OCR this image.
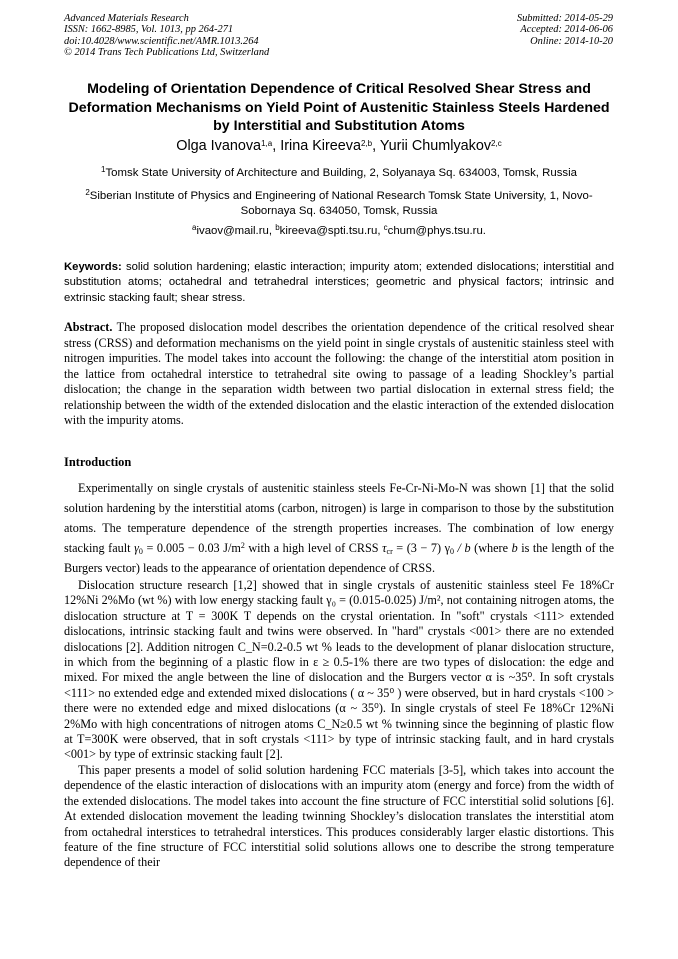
Advanced Materials Research
ISSN: 1662-8985, Vol. 1013, pp 264-271
doi:10.4028/www.scientific.net/AMR.1013.264
© 2014 Trans Tech Publications Ltd, Switzerland
Submitted: 2014-05-29
Accepted: 2014-06-06
Online: 2014-10-20
Modeling of Orientation Dependence of Critical Resolved Shear Stress and Deformation Mechanisms on Yield Point of Austenitic Stainless Steels Hardened by Interstitial and Substitution Atoms
Olga Ivanova$^{1,a}$, Irina Kireeva$^{2,b}$, Yurii Chumlyakov$^{2,c}$
$^1$Tomsk State University of Architecture and Building, 2, Solyanaya Sq. 634003, Tomsk, Russia
$^2$Siberian Institute of Physics and Engineering of National Research Tomsk State University, 1, Novo-Sobornaya Sq. 634050, Tomsk, Russia
$^a$ivaov@mail.ru, $^b$kireeva@spti.tsu.ru, $^c$chum@phys.tsu.ru.
Keywords: solid solution hardening; elastic interaction; impurity atom; extended dislocations; interstitial and substitution atoms; octahedral and tetrahedral interstices; geometric and physical factors; intrinsic and extrinsic stacking fault; shear stress.
Abstract. The proposed dislocation model describes the orientation dependence of the critical resolved shear stress (CRSS) and deformation mechanisms on the yield point in single crystals of austenitic stainless steel with nitrogen impurities. The model takes into account the following: the change of the interstitial atom position in the lattice from octahedral interstice to tetrahedral site owing to passage of a leading Shockley’s partial dislocation; the change in the separation width between two partial dislocation in external stress field; the relationship between the width of the extended dislocation and the elastic interaction of the extended dislocation with the impurity atoms.
Introduction

Experimentally on single crystals of austenitic stainless steels Fe-Cr-Ni-Mo-N was shown [1] that the solid solution hardening by the interstitial atoms (carbon, nitrogen) is large in comparison to those by the substitution atoms. The temperature dependence of the strength properties increases. The combination of low energy stacking fault $\gamma_0 = 0.005 - 0.03$ $J/m^2$ with a high level of CRSS $\tau_{cr} = (3 - 7)$ $\gamma_0$ / b (where b is the length of the Burgers vector) leads to the appearance of orientation dependence of CRSS.

Dislocation structure research [1,2] showed that in single crystals of austenitic stainless steel Fe 18%Cr 12%Ni 2%Mo (wt %) with low energy stacking fault γ₀ = (0.015-0.025) J/m², not containing nitrogen atoms, the dislocation structure at T = 300K T depends on the crystal orientation. In "soft" crystals <111> extended dislocations, intrinsic stacking fault and twins were observed. In "hard" crystals <001> there are no extended dislocations [2]. Addition nitrogen C_N=0.2-0.5 wt % leads to the development of planar dislocation structure, in which from the beginning of a plastic flow in ε ≥ 0.5-1% there are two types of dislocation: the edge and mixed. For mixed the angle between the line of dislocation and the Burgers vector α is ~35⁰. In soft crystals <111> no extended edge and extended mixed dislocations ( α ~ 35⁰ ) were observed, but in hard crystals <100 > there were no extended edge and mixed dislocations (α ~ 35⁰). In single crystals of steel Fe 18%Cr 12%Ni 2%Mo with high concentrations of nitrogen atoms C_N≥0.5 wt % twinning since the beginning of plastic flow at T=300K were observed, that in soft crystals <111> by type of intrinsic stacking fault, and in hard crystals <001> by type of extrinsic stacking fault [2].

This paper presents a model of solid solution hardening FCC materials [3-5], which takes into account the dependence of the elastic interaction of dislocations with an impurity atom (energy and force) from the width of the extended dislocations. The model takes into account the fine structure of FCC interstitial solid solutions [6]. At extended dislocation movement the leading twinning Shockley’s dislocation translates the interstitial atom from octahedral interstices to tetrahedral interstices. This produces considerably larger elastic distortions. This feature of the fine structure of FCC interstitial solid solutions allows one to describe the strong temperature dependence of their
